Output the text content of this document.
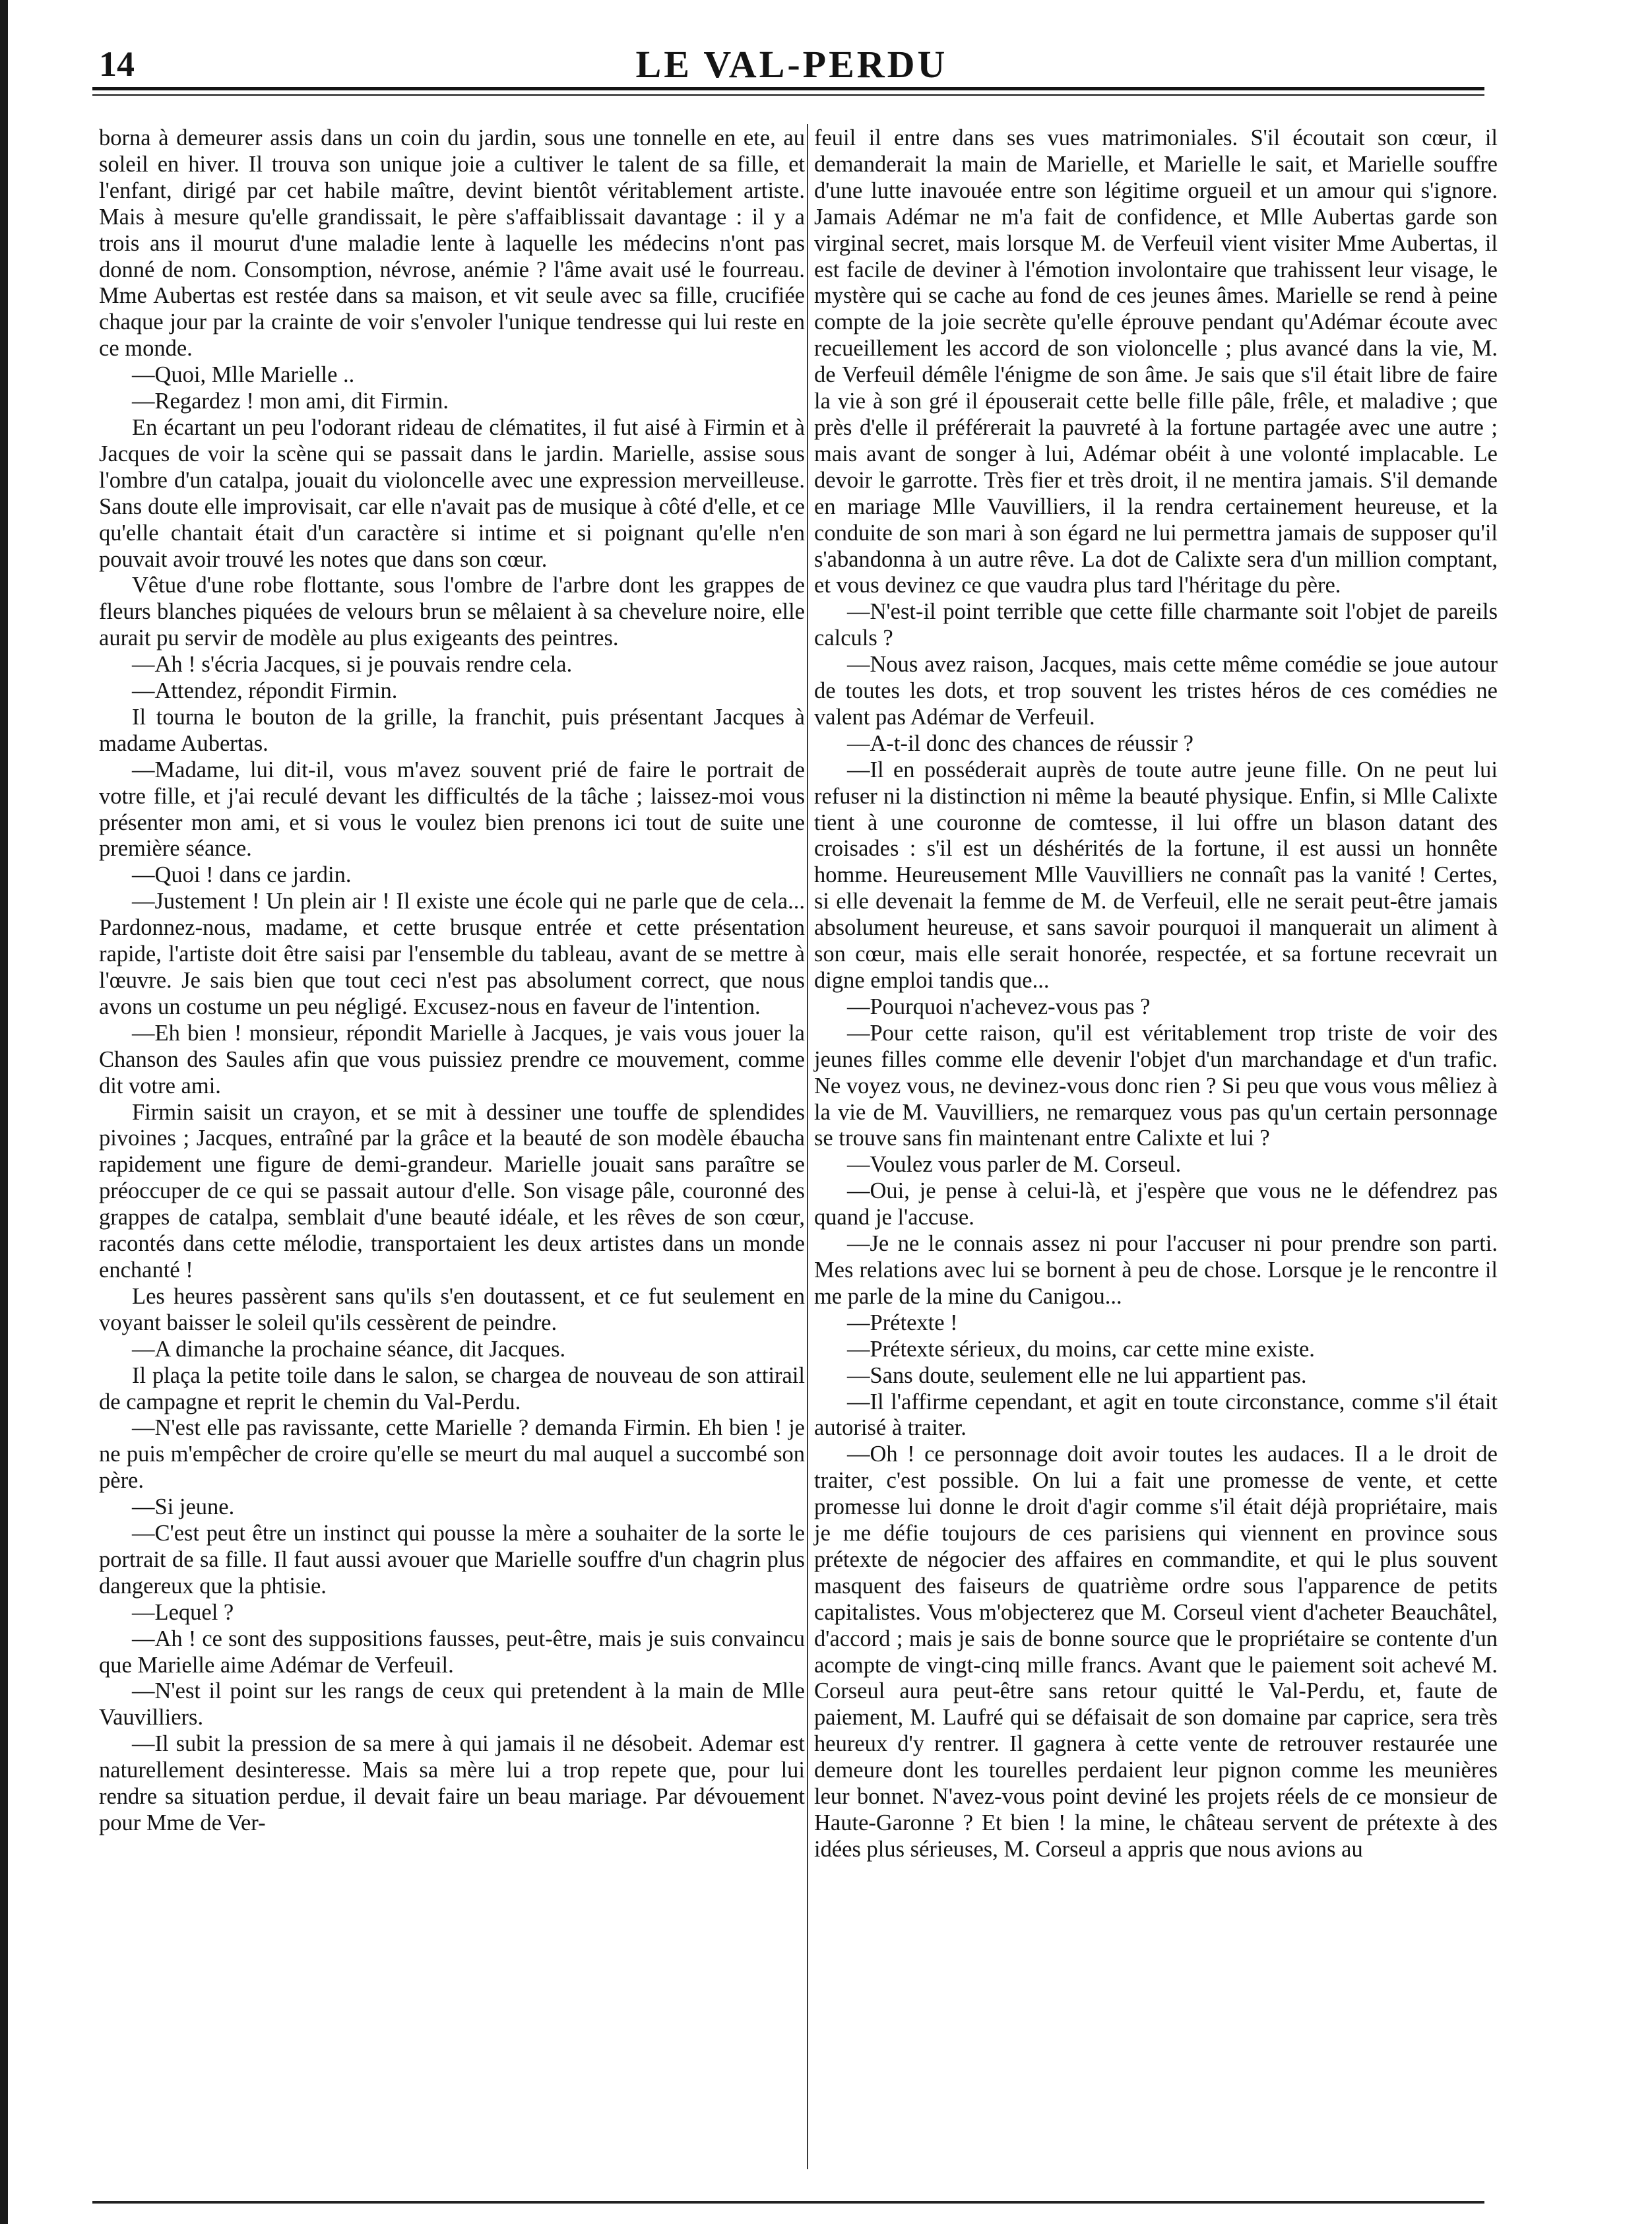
14	LE VAL-PERDU

borna à demeurer assis dans un coin du jardin, sous une tonnelle en ete, au soleil en hiver. Il trouva son unique joie a cultiver le talent de sa fille, et l'enfant, dirigé par cet habile maître, devint bientôt véritablement artiste. Mais à mesure qu'elle grandissait, le père s'affaiblissait davantage : il y a trois ans il mourut d'une maladie lente à laquelle les médecins n'ont pas donné de nom. Consomption, névrose, anémie ? l'âme avait usé le fourreau. Mme Aubertas est restée dans sa maison, et vit seule avec sa fille, crucifiée chaque jour par la crainte de voir s'envoler l'unique tendresse qui lui reste en ce monde.

—Quoi, Mlle Marielle ..

—Regardez ! mon ami, dit Firmin.

En écartant un peu l'odorant rideau de clématites, il fut aisé à Firmin et à Jacques de voir la scène qui se passait dans le jardin. Marielle, assise sous l'ombre d'un catalpa, jouait du violoncelle avec une expression merveilleuse. Sans doute elle improvisait, car elle n'avait pas de musique à côté d'elle, et ce qu'elle chantait était d'un caractère si intime et si poignant qu'elle n'en pouvait avoir trouvé les notes que dans son cœur.

Vêtue d'une robe flottante, sous l'ombre de l'arbre dont les grappes de fleurs blanches piquées de velours brun se mêlaient à sa chevelure noire, elle aurait pu servir de modèle au plus exigeants des peintres.

—Ah ! s'écria Jacques, si je pouvais rendre cela.

—Attendez, répondit Firmin.

Il tourna le bouton de la grille, la franchit, puis présentant Jacques à madame Aubertas.

—Madame, lui dit-il, vous m'avez souvent prié de faire le portrait de votre fille, et j'ai reculé devant les difficultés de la tâche ; laissez-moi vous présenter mon ami, et si vous le voulez bien prenons ici tout de suite une première séance.

—Quoi ! dans ce jardin.

—Justement ! Un plein air ! Il existe une école qui ne parle que de cela... Pardonnez-nous, madame, et cette brusque entrée et cette présentation rapide, l'artiste doit être saisi par l'ensemble du tableau, avant de se mettre à l'œuvre. Je sais bien que tout ceci n'est pas absolument correct, que nous avons un costume un peu négligé. Excusez-nous en faveur de l'intention.

—Eh bien ! monsieur, répondit Marielle à Jacques, je vais vous jouer la Chanson des Saules afin que vous puissiez prendre ce mouvement, comme dit votre ami.

Firmin saisit un crayon, et se mit à dessiner une touffe de splendides pivoines ; Jacques, entraîné par la grâce et la beauté de son modèle ébaucha rapidement une figure de demi-grandeur. Marielle jouait sans paraître se préoccuper de ce qui se passait autour d'elle. Son visage pâle, couronné des grappes de catalpa, semblait d'une beauté idéale, et les rêves de son cœur, racontés dans cette mélodie, transportaient les deux artistes dans un monde enchanté !

Les heures passèrent sans qu'ils s'en doutassent, et ce fut seulement en voyant baisser le soleil qu'ils cessèrent de peindre.

—A dimanche la prochaine séance, dit Jacques.

Il plaça la petite toile dans le salon, se chargea de nouveau de son attirail de campagne et reprit le chemin du Val-Perdu.

—N'est elle pas ravissante, cette Marielle ? demanda Firmin. Eh bien ! je ne puis m'empêcher de croire qu'elle se meurt du mal auquel a succombé son père.

—Si jeune.

—C'est peut être un instinct qui pousse la mère a souhaiter de la sorte le portrait de sa fille. Il faut aussi avouer que Marielle souffre d'un chagrin plus dangereux que la phtisie.

—Lequel ?

—Ah ! ce sont des suppositions fausses, peut-être, mais je suis convaincu que Marielle aime Adémar de Verfeuil.

—N'est il point sur les rangs de ceux qui pretendent à la main de Mlle Vauvilliers.

—Il subit la pression de sa mere à qui jamais il ne désobeit. Ademar est naturellement desinteresse. Mais sa mère lui a trop repete que, pour lui rendre sa situation perdue, il devait faire un beau mariage. Par dévouement pour Mme de Ver-

feuil il entre dans ses vues matrimoniales. S'il écoutait son cœur, il demanderait la main de Marielle, et Marielle le sait, et Marielle souffre d'une lutte inavouée entre son légitime orgueil et un amour qui s'ignore. Jamais Adémar ne m'a fait de confidence, et Mlle Aubertas garde son virginal secret, mais lorsque M. de Verfeuil vient visiter Mme Aubertas, il est facile de deviner à l'émotion involontaire que trahissent leur visage, le mystère qui se cache au fond de ces jeunes âmes. Marielle se rend à peine compte de la joie secrète qu'elle éprouve pendant qu'Adémar écoute avec recueillement les accord de son violoncelle ; plus avancé dans la vie, M. de Verfeuil démêle l'énigme de son âme. Je sais que s'il était libre de faire la vie à son gré il épouserait cette belle fille pâle, frêle, et maladive ; que près d'elle il préférerait la pauvreté à la fortune partagée avec une autre ; mais avant de songer à lui, Adémar obéit à une volonté implacable. Le devoir le garrotte. Très fier et très droit, il ne mentira jamais. S'il demande en mariage Mlle Vauvilliers, il la rendra certainement heureuse, et la conduite de son mari à son égard ne lui permettra jamais de supposer qu'il s'abandonna à un autre rêve. La dot de Calixte sera d'un million comptant, et vous devinez ce que vaudra plus tard l'héritage du père.

—N'est-il point terrible que cette fille charmante soit l'objet de pareils calculs ?

—Nous avez raison, Jacques, mais cette même comédie se joue autour de toutes les dots, et trop souvent les tristes héros de ces comédies ne valent pas Adémar de Verfeuil.

—A-t-il donc des chances de réussir ?

—Il en posséderait auprès de toute autre jeune fille. On ne peut lui refuser ni la distinction ni même la beauté physique. Enfin, si Mlle Calixte tient à une couronne de comtesse, il lui offre un blason datant des croisades : s'il est un déshérités de la fortune, il est aussi un honnête homme. Heureusement Mlle Vauvilliers ne connaît pas la vanité ! Certes, si elle devenait la femme de M. de Verfeuil, elle ne serait peut-être jamais absolument heureuse, et sans savoir pourquoi il manquerait un aliment à son cœur, mais elle serait honorée, respectée, et sa fortune recevrait un digne emploi tandis que...

—Pourquoi n'achevez-vous pas ?

—Pour cette raison, qu'il est véritablement trop triste de voir des jeunes filles comme elle devenir l'objet d'un marchandage et d'un trafic. Ne voyez vous, ne devinez-vous donc rien ? Si peu que vous vous mêliez à la vie de M. Vauvilliers, ne remarquez vous pas qu'un certain personnage se trouve sans fin maintenant entre Calixte et lui ?

—Voulez vous parler de M. Corseul.

—Oui, je pense à celui-là, et j'espère que vous ne le défendrez pas quand je l'accuse.

—Je ne le connais assez ni pour l'accuser ni pour prendre son parti. Mes relations avec lui se bornent à peu de chose. Lorsque je le rencontre il me parle de la mine du Canigou...

—Prétexte !

—Prétexte sérieux, du moins, car cette mine existe.

—Sans doute, seulement elle ne lui appartient pas.

—Il l'affirme cependant, et agit en toute circonstance, comme s'il était autorisé à traiter.

—Oh ! ce personnage doit avoir toutes les audaces. Il a le droit de traiter, c'est possible. On lui a fait une promesse de vente, et cette promesse lui donne le droit d'agir comme s'il était déjà propriétaire, mais je me défie toujours de ces parisiens qui viennent en province sous prétexte de négocier des affaires en commandite, et qui le plus souvent masquent des faiseurs de quatrième ordre sous l'apparence de petits capitalistes. Vous m'objecterez que M. Corseul vient d'acheter Beauchâtel, d'accord ; mais je sais de bonne source que le propriétaire se contente d'un acompte de vingt-cinq mille francs. Avant que le paiement soit achevé M. Corseul aura peut-être sans retour quitté le Val-Perdu, et, faute de paiement, M. Laufré qui se défaisait de son domaine par caprice, sera très heureux d'y rentrer. Il gagnera à cette vente de retrouver restaurée une demeure dont les tourelles perdaient leur pignon comme les meunières leur bonnet. N'avez-vous point deviné les projets réels de ce monsieur de Haute-Garonne ? Et bien ! la mine, le château servent de prétexte à des idées plus sérieuses, M. Corseul a appris que nous avions au
